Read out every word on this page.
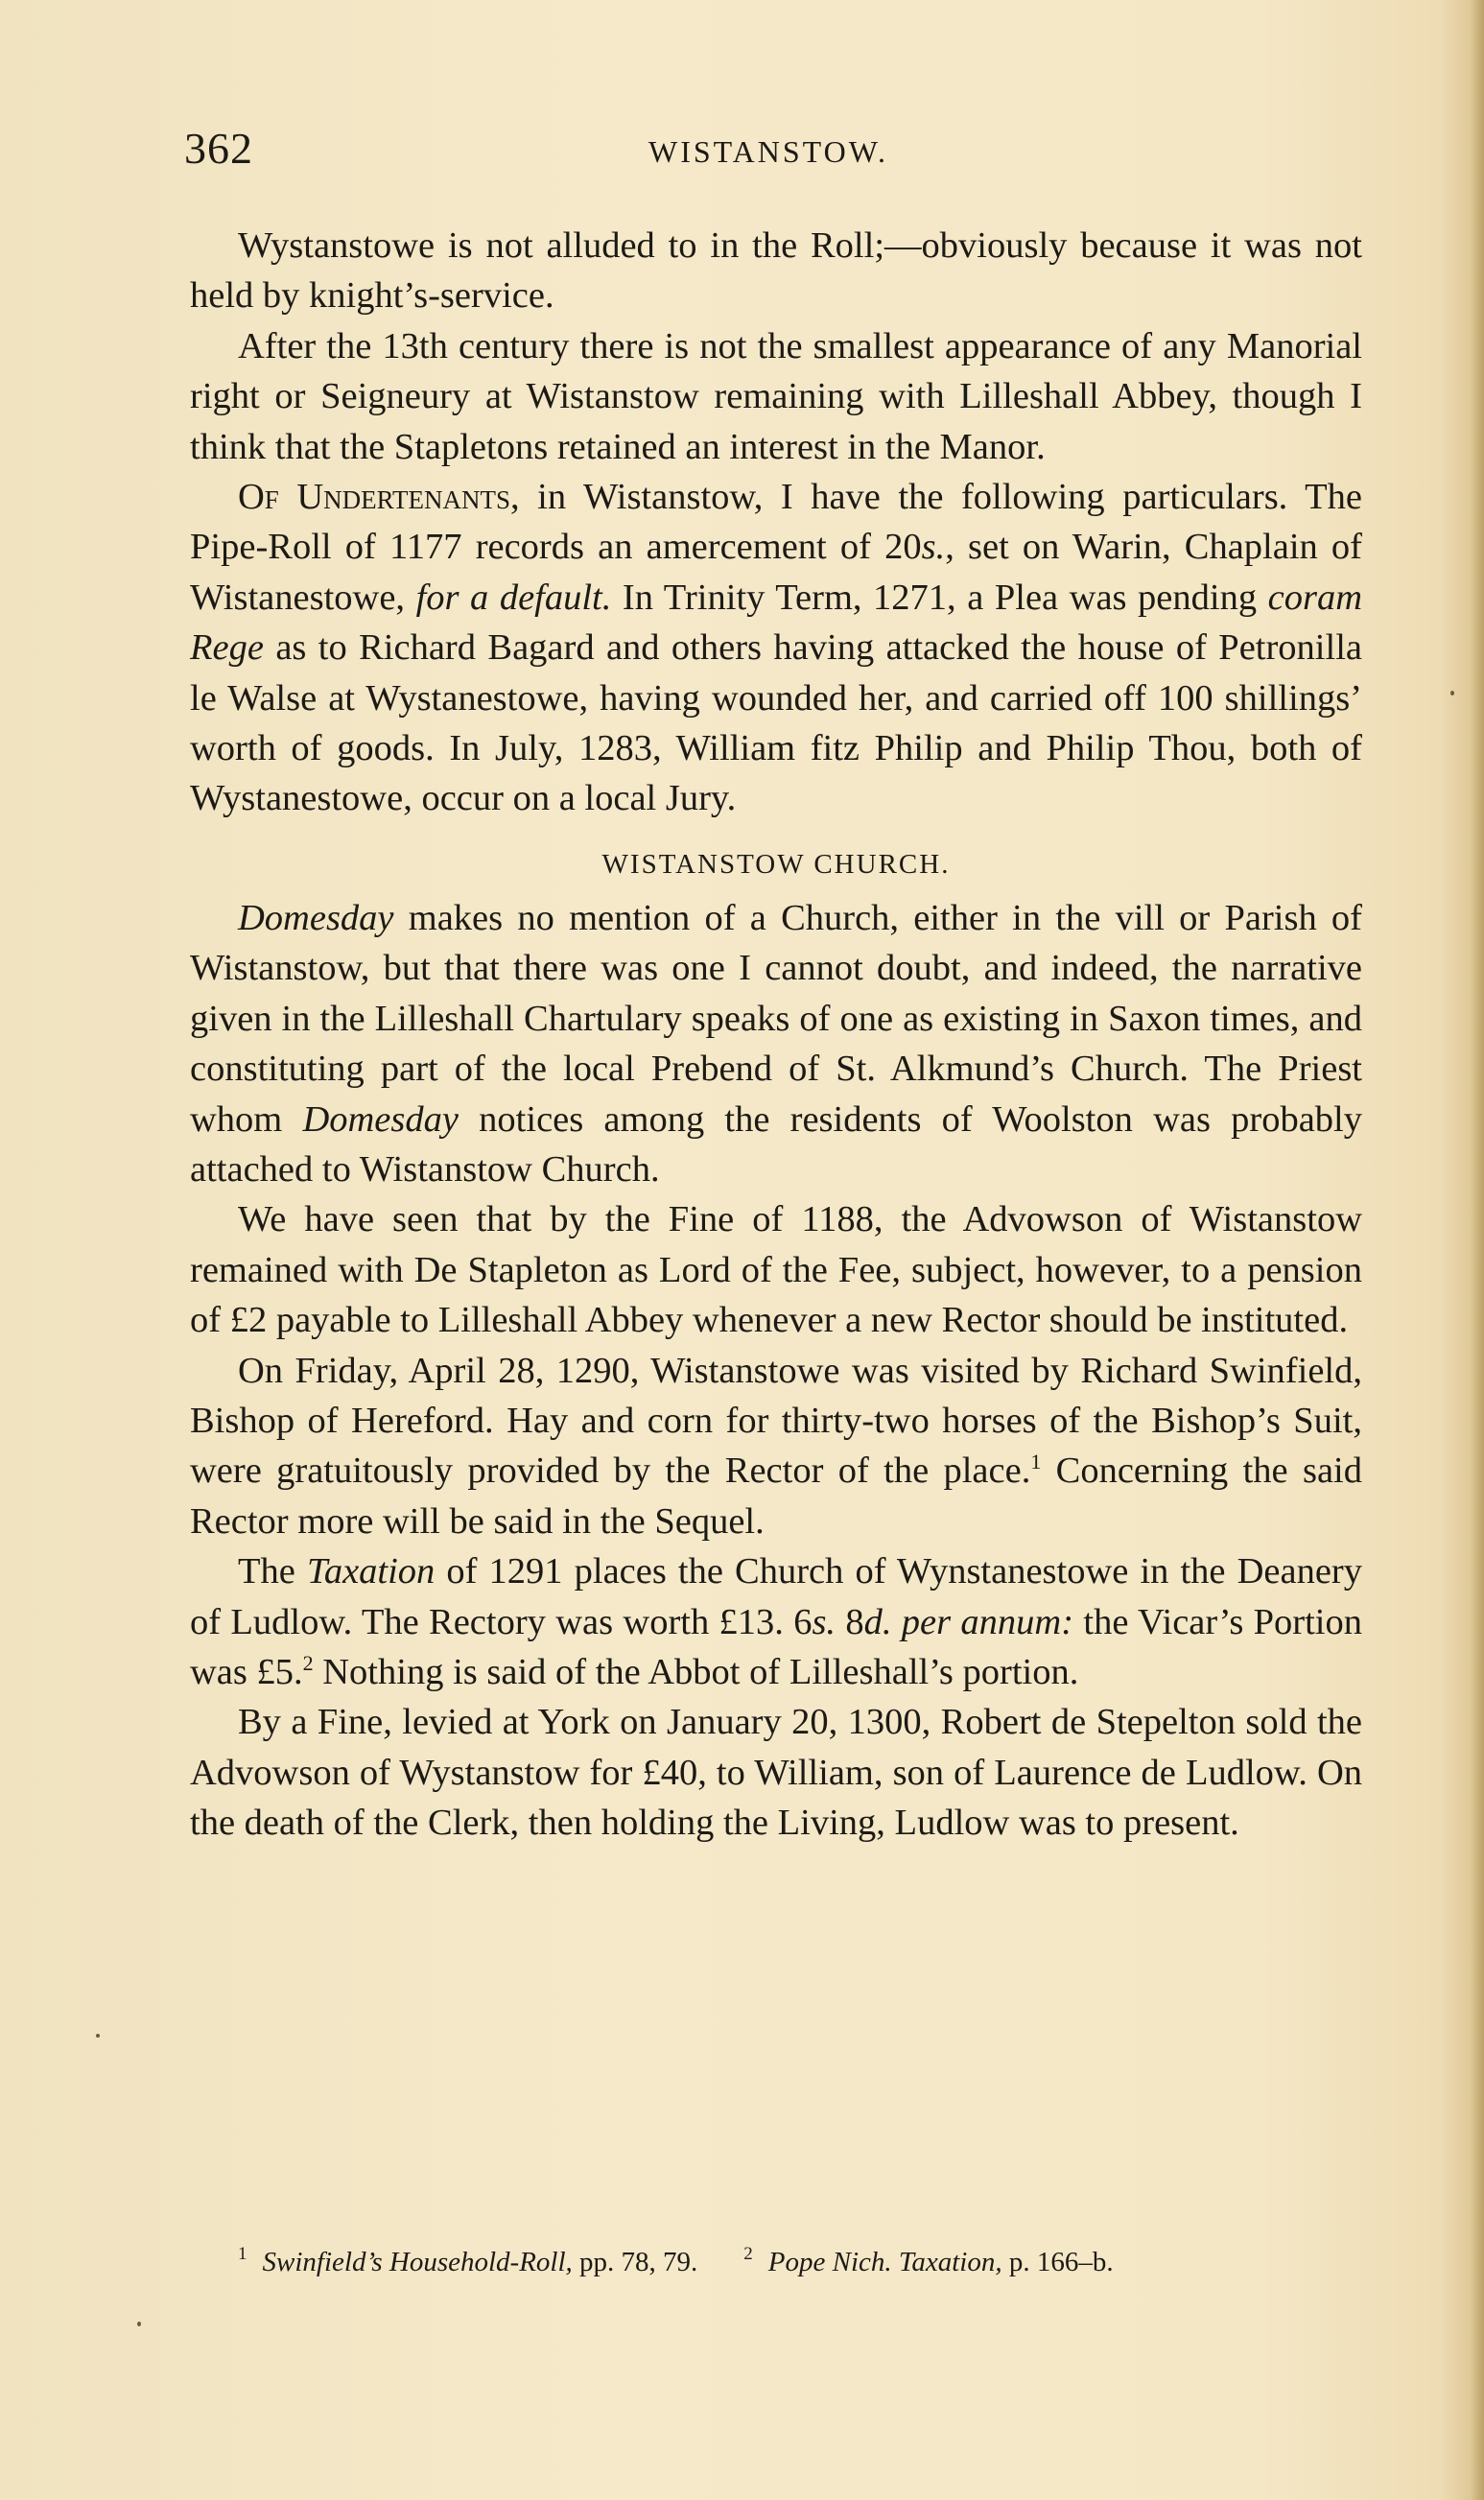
362	WISTANSTOW.

Wystanstowe is not alluded to in the Roll;—obviously because it was not held by knight’s-service.

After the 13th century there is not the smallest appearance of any Manorial right or Seigneury at Wistanstow remaining with Lilleshall Abbey, though I think that the Stapletons retained an interest in the Manor.

Of Undertenants, in Wistanstow, I have the following particulars. The Pipe-Roll of 1177 records an amercement of 20s., set on Warin, Chaplain of Wistanestowe, for a default. In Trinity Term, 1271, a Plea was pending coram Rege as to Richard Bagard and others having attacked the house of Petronilla le Walse at Wystanestowe, having wounded her, and carried off 100 shillings’ worth of goods. In July, 1283, William fitz Philip and Philip Thou, both of Wystanestowe, occur on a local Jury.

WISTANSTOW CHURCH.

Domesday makes no mention of a Church, either in the vill or Parish of Wistanstow, but that there was one I cannot doubt, and indeed, the narrative given in the Lilleshall Chartulary speaks of one as existing in Saxon times, and constituting part of the local Prebend of St. Alkmund’s Church. The Priest whom Domesday notices among the residents of Woolston was probably attached to Wistanstow Church.

We have seen that by the Fine of 1188, the Advowson of Wistanstow remained with De Stapleton as Lord of the Fee, subject, however, to a pension of £2 payable to Lilleshall Abbey whenever a new Rector should be instituted.

On Friday, April 28, 1290, Wistanstowe was visited by Richard Swinfield, Bishop of Hereford. Hay and corn for thirty-two horses of the Bishop’s Suit, were gratuitously provided by the Rector of the place.$^1$ Concerning the said Rector more will be said in the Sequel.

The Taxation of 1291 places the Church of Wynstanestowe in the Deanery of Ludlow. The Rectory was worth £13. 6s. 8d. per annum: the Vicar’s Portion was £5.$^2$ Nothing is said of the Abbot of Lilleshall’s portion.

By a Fine, levied at York on January 20, 1300, Robert de Stepelton sold the Advowson of Wystanstow for £40, to William, son of Laurence de Ludlow. On the death of the Clerk, then holding the Living, Ludlow was to present.

$^1$ Swinfield’s Household-Roll, pp. 78, 79.	$^2$ Pope Nich. Taxation, p. 166–b.
